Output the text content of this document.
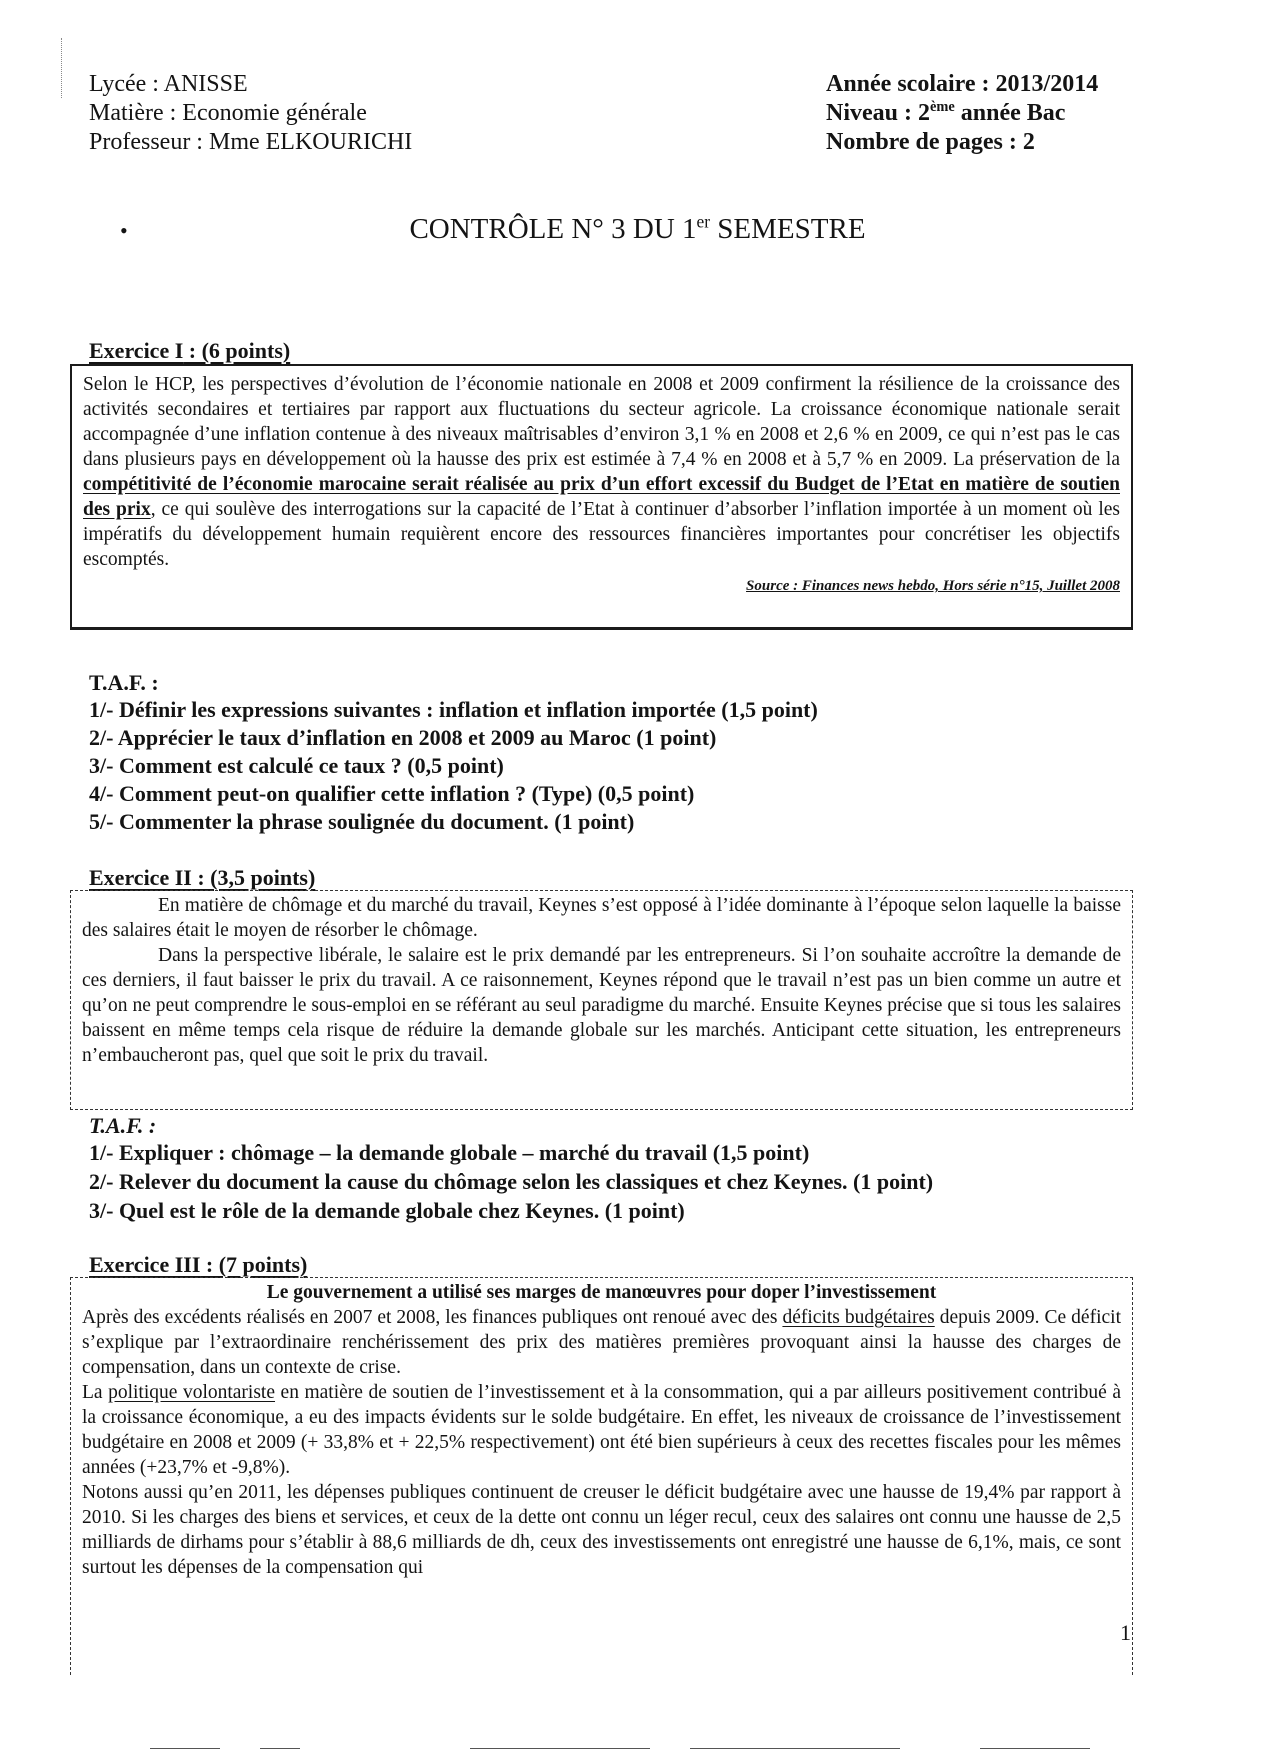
Lycée : ANISSE
Matière : Economie générale
Professeur : Mme ELKOURICHI
Année scolaire : 2013/2014
Niveau : 2ème année Bac
Nombre de pages : 2
•	CONTRÔLE N° 3 DU 1er SEMESTRE
Exercice I : (6 points)

Selon le HCP, les perspectives d’évolution de l’économie nationale en 2008 et 2009 confirment la résilience de la croissance des activités secondaires et tertiaires par rapport aux fluctuations du secteur agricole. La croissance économique nationale serait accompagnée d’une inflation contenue à des niveaux maîtrisables d’environ 3,1 % en 2008 et 2,6 % en 2009, ce qui n’est pas le cas dans plusieurs pays en développement où la hausse des prix est estimée à 7,4 % en 2008 et à 5,7 % en 2009. La préservation de la compétitivité de l’économie marocaine serait réalisée au prix d’un effort excessif du Budget de l’Etat en matière de soutien des prix, ce qui soulève des interrogations sur la capacité de l’Etat à continuer d’absorber l’inflation importée à un moment où les impératifs du développement humain requièrent encore des ressources financières importantes pour concrétiser les objectifs escomptés.

Source : Finances news hebdo, Hors série n°15, Juillet 2008
T.A.F. :
1/- Définir les expressions suivantes : inflation et inflation importée (1,5 point)
2/- Apprécier le taux d’inflation en 2008 et 2009 au Maroc (1 point)
3/- Comment est calculé ce taux ? (0,5 point)
4/- Comment peut-on qualifier cette inflation ? (Type) (0,5 point)
5/- Commenter la phrase soulignée du document. (1 point)
Exercice II : (3,5 points)

En matière de chômage et du marché du travail, Keynes s’est opposé à l’idée dominante à l’époque selon laquelle la baisse des salaires était le moyen de résorber le chômage.

Dans la perspective libérale, le salaire est le prix demandé par les entrepreneurs. Si l’on souhaite accroître la demande de ces derniers, il faut baisser le prix du travail. A ce raisonnement, Keynes répond que le travail n’est pas un bien comme un autre et qu’on ne peut comprendre le sous-emploi en se référant au seul paradigme du marché. Ensuite Keynes précise que si tous les salaires baissent en même temps cela risque de réduire la demande globale sur les marchés. Anticipant cette situation, les entrepreneurs n’embaucheront pas, quel que soit le prix du travail.

T.A.F. :
1/- Expliquer : chômage – la demande globale – marché du travail (1,5 point)
2/- Relever du document la cause du chômage selon les classiques et chez Keynes. (1 point)
3/- Quel est le rôle de la demande globale chez Keynes. (1 point)
Exercice III : (7 points)
Le gouvernement a utilisé ses marges de manœuvres pour doper l’investissement

Après des excédents réalisés en 2007 et 2008, les finances publiques ont renoué avec des déficits budgétaires depuis 2009. Ce déficit s’explique par l’extraordinaire renchérissement des prix des matières premières provoquant ainsi la hausse des charges de compensation, dans un contexte de crise.

La politique volontariste en matière de soutien de l’investissement et à la consommation, qui a par ailleurs positivement contribué à la croissance économique, a eu des impacts évidents sur le solde budgétaire. En effet, les niveaux de croissance de l’investissement budgétaire en 2008 et 2009 (+ 33,8% et + 22,5% respectivement) ont été bien supérieurs à ceux des recettes fiscales pour les mêmes années (+23,7% et -9,8%).

Notons aussi qu’en 2011, les dépenses publiques continuent de creuser le déficit budgétaire avec une hausse de 19,4% par rapport à 2010. Si les charges des biens et services, et ceux de la dette ont connu un léger recul, ceux des salaires ont connu une hausse de 2,5 milliards de dirhams pour s’établir à 88,6 milliards de dh, ceux des investissements ont enregistré une hausse de 6,1%, mais, ce sont surtout les dépenses de la compensation qui

1
